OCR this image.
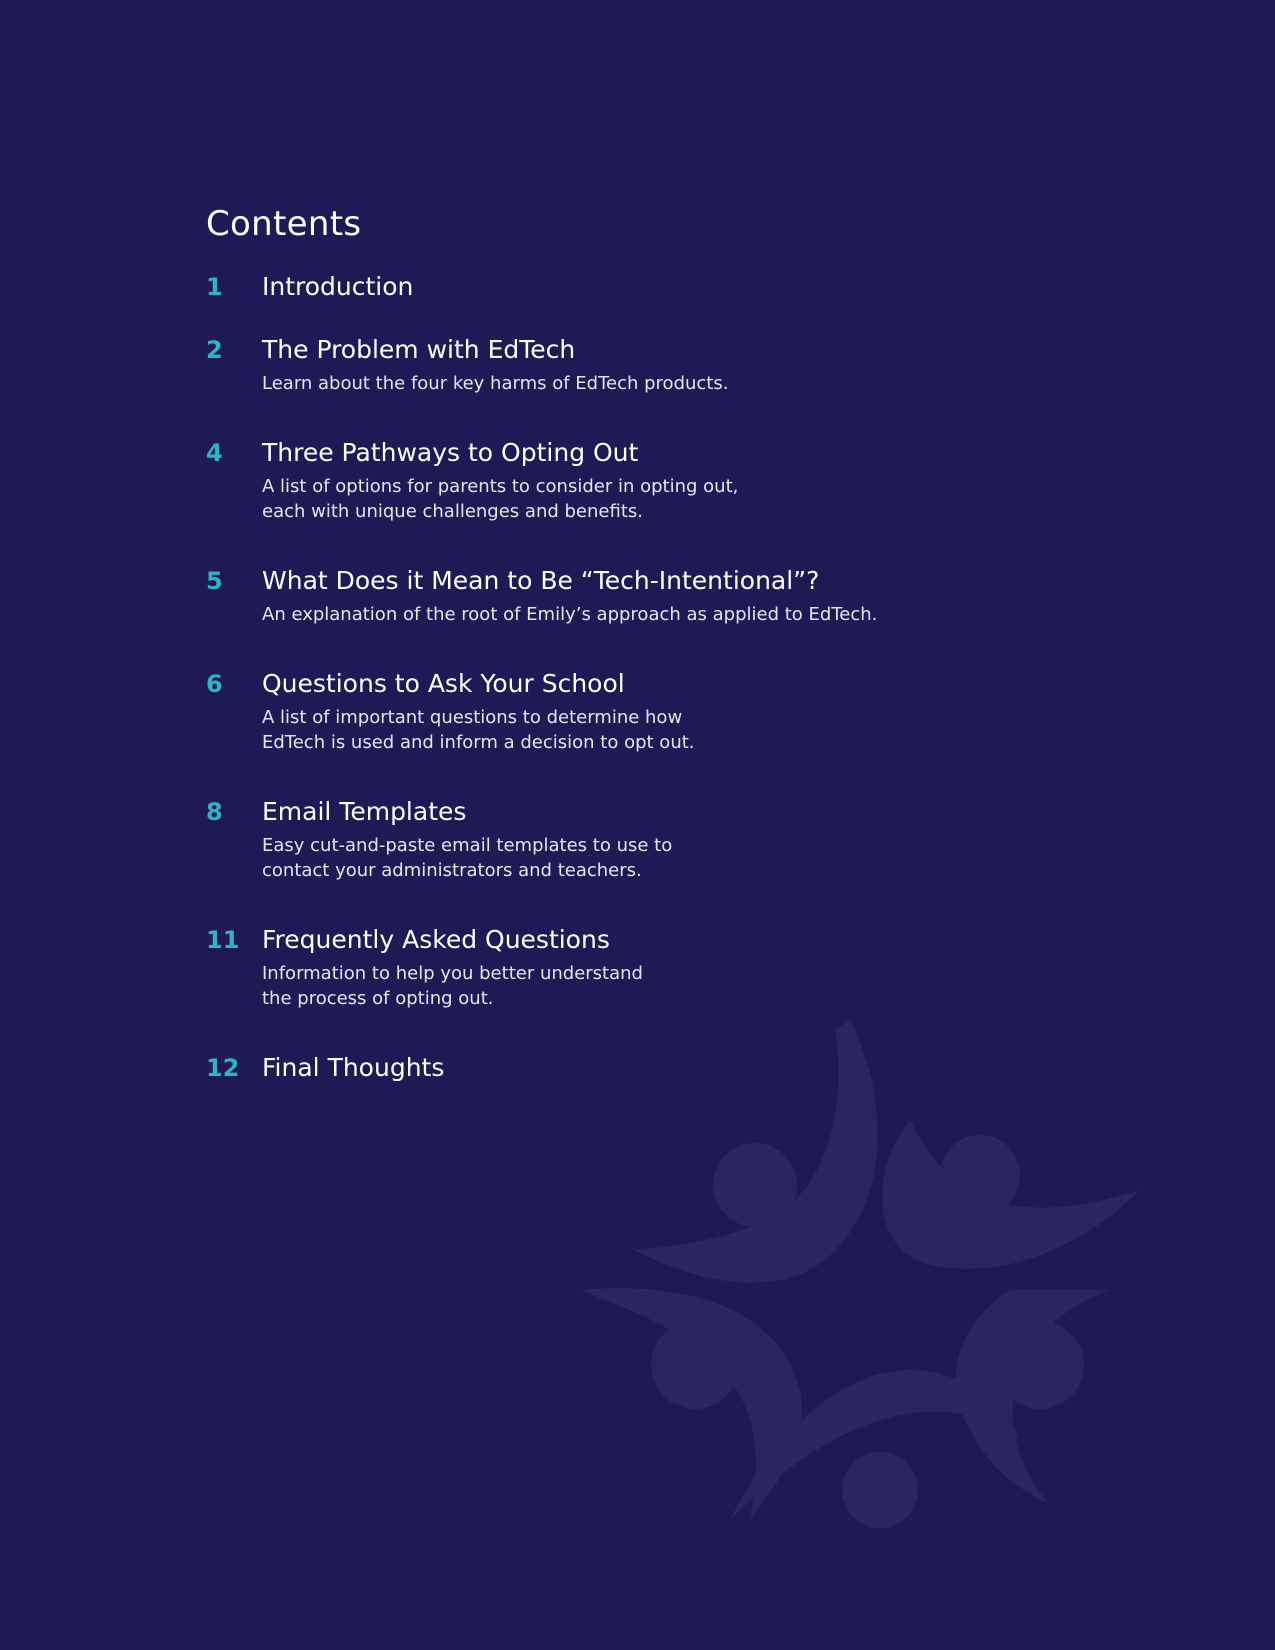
Contents
1	Introduction
2	The Problem with EdTech
Learn about the four key harms of EdTech products.
4	Three Pathways to Opting Out
A list of options for parents to consider in opting out,
each with unique challenges and benefits.
5	What Does it Mean to Be “Tech-Intentional”?
An explanation of the root of Emily’s approach as applied to EdTech.
6	Questions to Ask Your School
A list of important questions to determine how
EdTech is used and inform a decision to opt out.
8	Email Templates
Easy cut-and-paste email templates to use to
contact your administrators and teachers.
11 Frequently Asked Questions
Information to help you better understand
the process of opting out.
12 Final Thoughts
